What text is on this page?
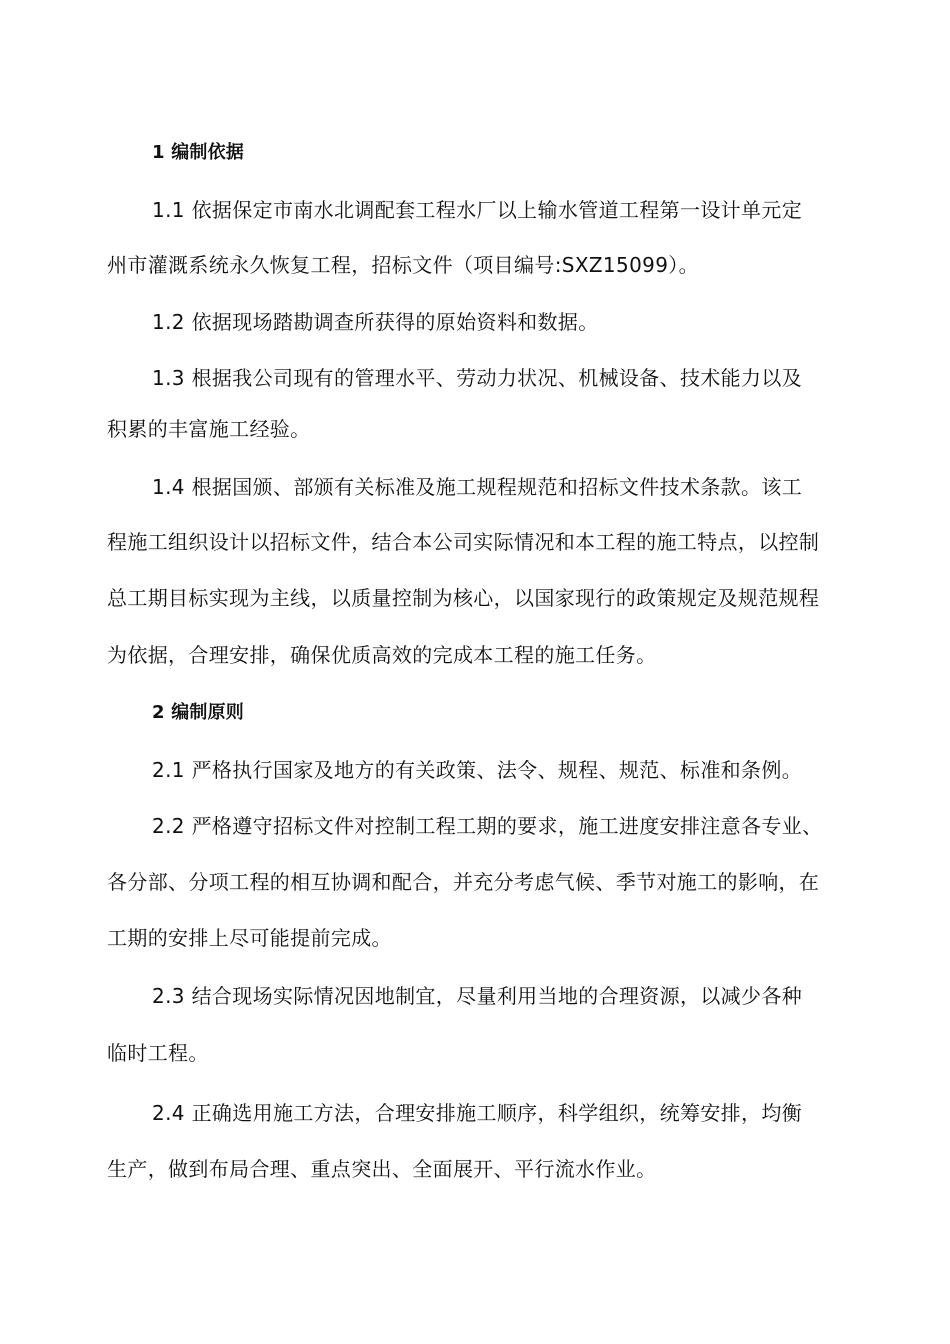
1 编制依据
1.1 依据保定市南水北调配套工程水厂以上输水管道工程第一设计单元定
州市灌溉系统永久恢复工程，招标文件（项目编号:SXZ15099）。
1.2 依据现场踏勘调查所获得的原始资料和数据。
1.3 根据我公司现有的管理水平、劳动力状况、机械设备、技术能力以及
积累的丰富施工经验。
1.4 根据国颁、部颁有关标准及施工规程规范和招标文件技术条款。该工
程施工组织设计以招标文件，结合本公司实际情况和本工程的施工特点，以控制
总工期目标实现为主线，以质量控制为核心，以国家现行的政策规定及规范规程
为依据，合理安排，确保优质高效的完成本工程的施工任务。
2 编制原则
2.1 严格执行国家及地方的有关政策、法令、规程、规范、标准和条例。
2.2 严格遵守招标文件对控制工程工期的要求，施工进度安排注意各专业、
各分部、分项工程的相互协调和配合，并充分考虑气候、季节对施工的影响，在
工期的安排上尽可能提前完成。
2.3 结合现场实际情况因地制宜，尽量利用当地的合理资源，以减少各种
临时工程。
2.4 正确选用施工方法，合理安排施工顺序，科学组织，统筹安排，均衡
生产，做到布局合理、重点突出、全面展开、平行流水作业。
